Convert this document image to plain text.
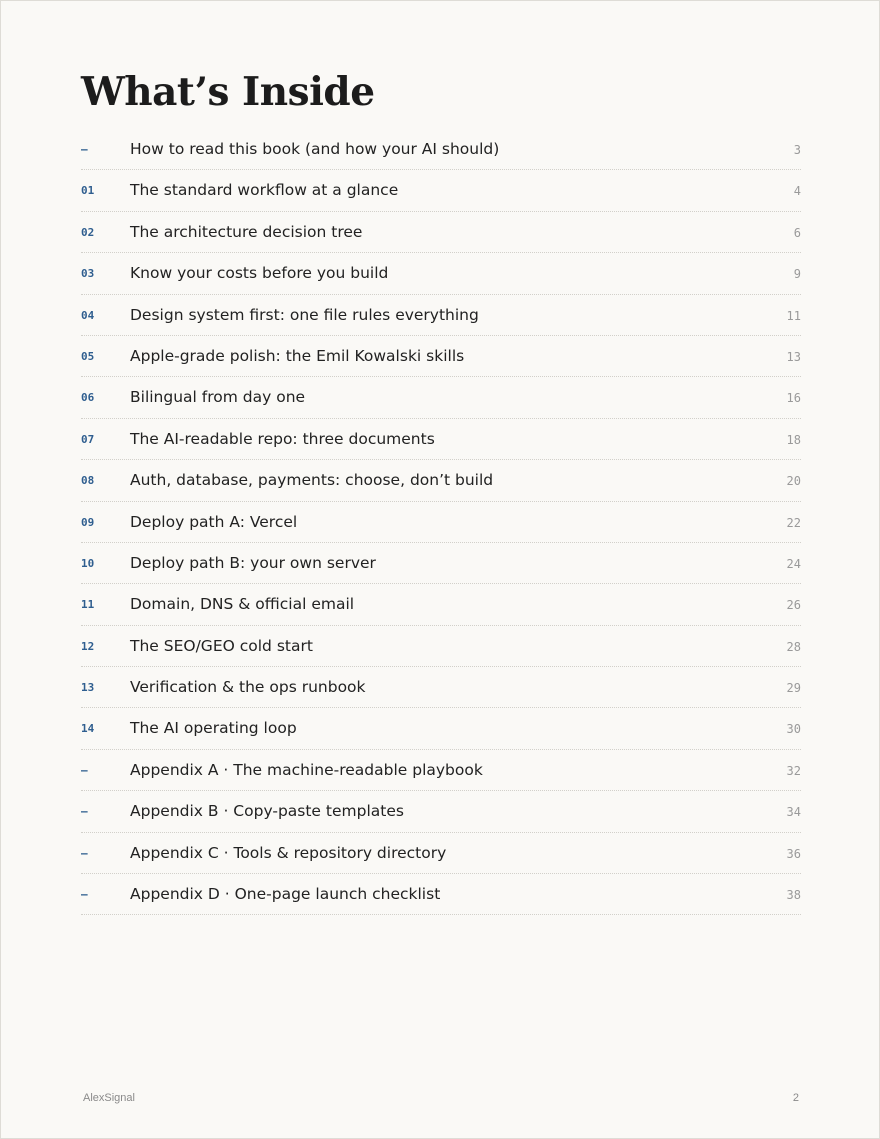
What’s Inside
–	How to read this book (and how your AI should)	3
01 The standard workflow at a glance	4
02 The architecture decision tree	6
03 Know your costs before you build	9
04 Design system first: one file rules everything	11
05 Apple-grade polish: the Emil Kowalski skills	13
06 Bilingual from day one	16
07 The AI-readable repo: three documents	18
08 Auth, database, payments: choose, don’t build	20
09 Deploy path A: Vercel	22
10 Deploy path B: your own server	24
11 Domain, DNS & official email	26
12 The SEO/GEO cold start	28
13 Verification & the ops runbook	29
14 The AI operating loop	30
–	Appendix A · The machine-readable playbook	32
–	Appendix B · Copy-paste templates	34
–	Appendix C · Tools & repository directory	36
–	Appendix D · One-page launch checklist	38
AlexSignal	2
